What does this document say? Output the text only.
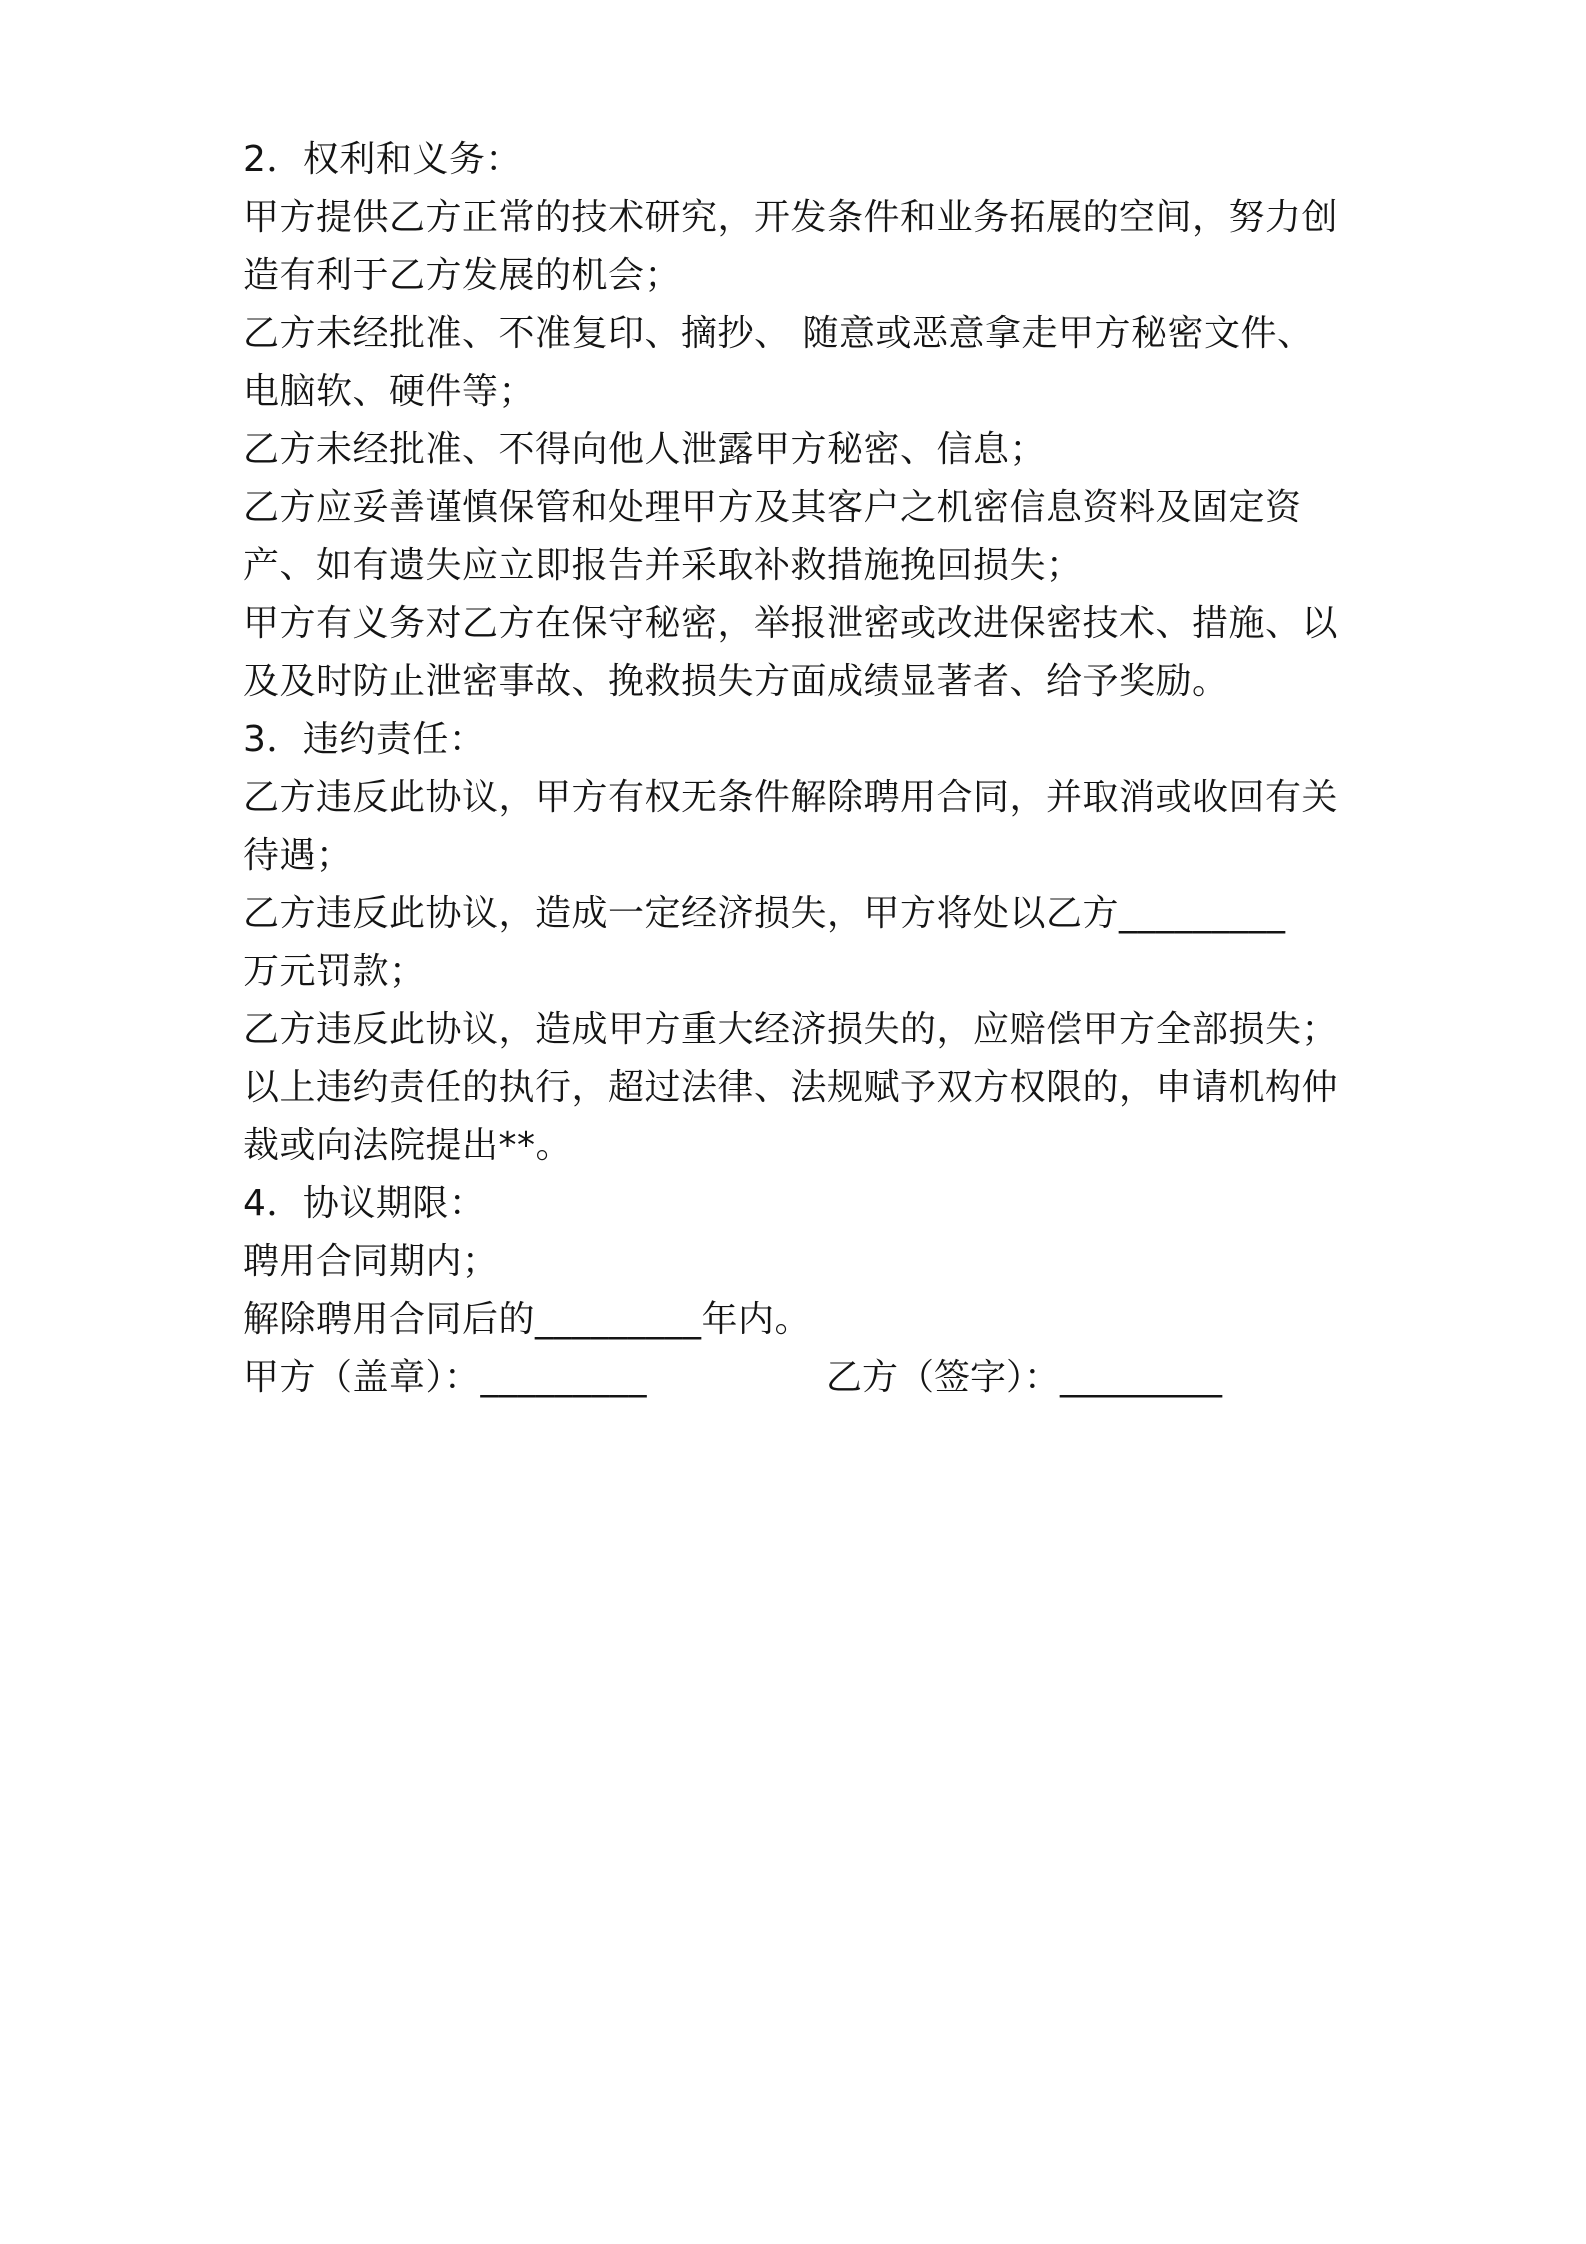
2．权利和义务：
甲方提供乙方正常的技术研究，开发条件和业务拓展的空间，努力创
造有利于乙方发展的机会；
乙方未经批准、不准复印、摘抄、 随意或恶意拿走甲方秘密文件、
电脑软、硬件等；
乙方未经批准、不得向他人泄露甲方秘密、信息；
乙方应妥善谨慎保管和处理甲方及其客户之机密信息资料及固定资
产、如有遗失应立即报告并采取补救措施挽回损失；
甲方有义务对乙方在保守秘密，举报泄密或改进保密技术、措施、以
及及时防止泄密事故、挽救损失方面成绩显著者、给予奖励。
3．违约责任：
乙方违反此协议，甲方有权无条件解除聘用合同，并取消或收回有关
待遇；
乙方违反此协议，造成一定经济损失，甲方将处以乙方_________
万元罚款；
乙方违反此协议，造成甲方重大经济损失的，应赔偿甲方全部损失；
以上违约责任的执行，超过法律、法规赋予双方权限的，申请机构仲
裁或向法院提出**。
4．协议期限：
聘用合同期内；
解除聘用合同后的_________年内。
甲方（盖章）：_________	乙方（签字）：_________
